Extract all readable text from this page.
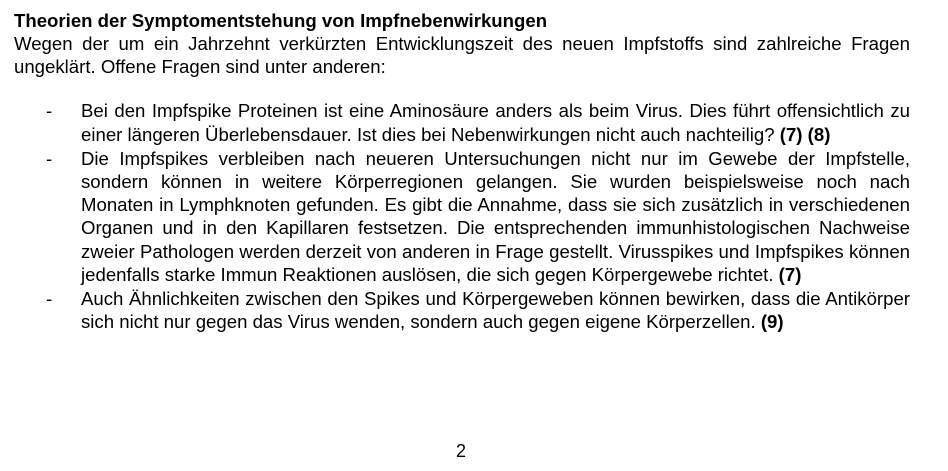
Theorien der Symptomentstehung von Impfnebenwirkungen

Wegen der um ein Jahrzehnt verkürzten Entwicklungszeit des neuen Impfstoffs sind zahlreiche Fragen ungeklärt. Offene Fragen sind unter anderen:

- Bei den Impfspike Proteinen ist eine Aminosäure anders als beim Virus. Dies führt offensichtlich zu einer längeren Überlebensdauer. Ist dies bei Nebenwirkungen nicht auch nachteilig? (7) (8)
- Die Impfspikes verbleiben nach neueren Untersuchungen nicht nur im Gewebe der Impfstelle, sondern können in weitere Körperregionen gelangen. Sie wurden beispielsweise noch nach Monaten in Lymphknoten gefunden. Es gibt die Annahme, dass sie sich zusätzlich in verschiedenen Organen und in den Kapillaren festsetzen. Die entsprechenden immunhistologischen Nachweise zweier Pathologen werden derzeit von anderen in Frage gestellt. Virusspikes und Impfspikes können jedenfalls starke Immun Reaktionen auslösen, die sich gegen Körpergewebe richtet. (7)
- Auch Ähnlichkeiten zwischen den Spikes und Körpergeweben können bewirken, dass die Antikörper sich nicht nur gegen das Virus wenden, sondern auch gegen eigene Körperzellen. (9)
2
